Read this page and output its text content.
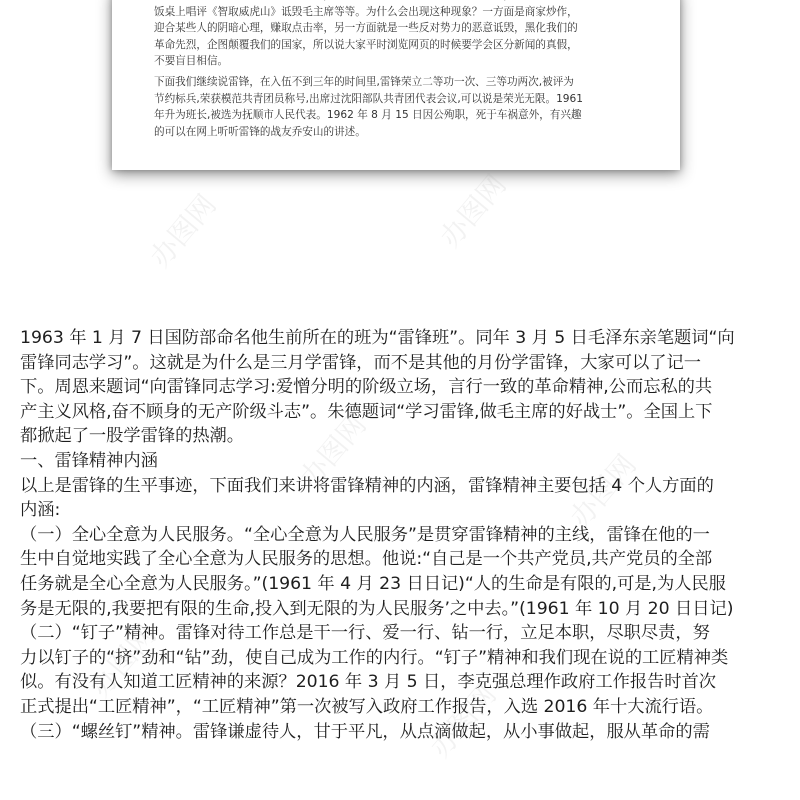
饭桌上唱评《智取威虎山》诋毁毛主席等等。为什么会出现这种现象？一方面是商家炒作，

迎合某些人的阴暗心理，赚取点击率，另一方面就是一些反对势力的恶意诋毁，黑化我们的

革命先烈，企图颠覆我们的国家，所以说大家平时浏览网页的时候要学会区分新闻的真假，

不要盲目相信。

下面我们继续说雷锋，在入伍不到三年的时间里,雷锋荣立二等功一次、三等功两次,被评为

节约标兵,荣获模范共青团员称号,出席过沈阳部队共青团代表会议,可以说是荣光无限。1961

年升为班长,被选为抚顺市人民代表。1962 年 8 月 15 日因公殉职，死于车祸意外，有兴趣

的可以在网上听听雷锋的战友乔安山的讲述。

办图网	办图网
办图网	办图网
办图网
办图网
1963 年 1 月 7 日国防部命名他生前所在的班为“雷锋班”。同年 3 月 5 日毛泽东亲笔题词“向
雷锋同志学习”。这就是为什么是三月学雷锋，而不是其他的月份学雷锋，大家可以了记一
下。周恩来题词“向雷锋同志学习:爱憎分明的阶级立场，言行一致的革命精神,公而忘私的共
产主义风格,奋不顾身的无产阶级斗志”。朱德题词“学习雷锋,做毛主席的好战士”。全国上下
都掀起了一股学雷锋的热潮。
一、雷锋精神内涵
以上是雷锋的生平事迹，下面我们来讲将雷锋精神的内涵，雷锋精神主要包括 4 个人方面的
内涵:
（一）全心全意为人民服务。“全心全意为人民服务”是贯穿雷锋精神的主线，雷锋在他的一
生中自觉地实践了全心全意为人民服务的思想。他说:“自己是一个共产党员,共产党员的全部
任务就是全心全意为人民服务。”(1961 年 4 月 23 日日记)“人的生命是有限的,可是,为人民服
务是无限的,我要把有限的生命,投入到无限的为人民服务’之中去。”(1961 年 10 月 20 日日记)
（二）“钉子”精神。雷锋对待工作总是干一行、爱一行、钻一行，立足本职，尽职尽责，努
力以钉子的“挤”劲和“钻”劲，使自己成为工作的内行。“钉子”精神和我们现在说的工匠精神类
似。有没有人知道工匠精神的来源？2016 年 3 月 5 日，李克强总理作政府工作报告时首次
正式提出“工匠精神”，“工匠精神”第一次被写入政府工作报告，入选 2016 年十大流行语。
（三）“螺丝钉”精神。雷锋谦虚待人，甘于平凡，从点滴做起，从小事做起，服从革命的需
